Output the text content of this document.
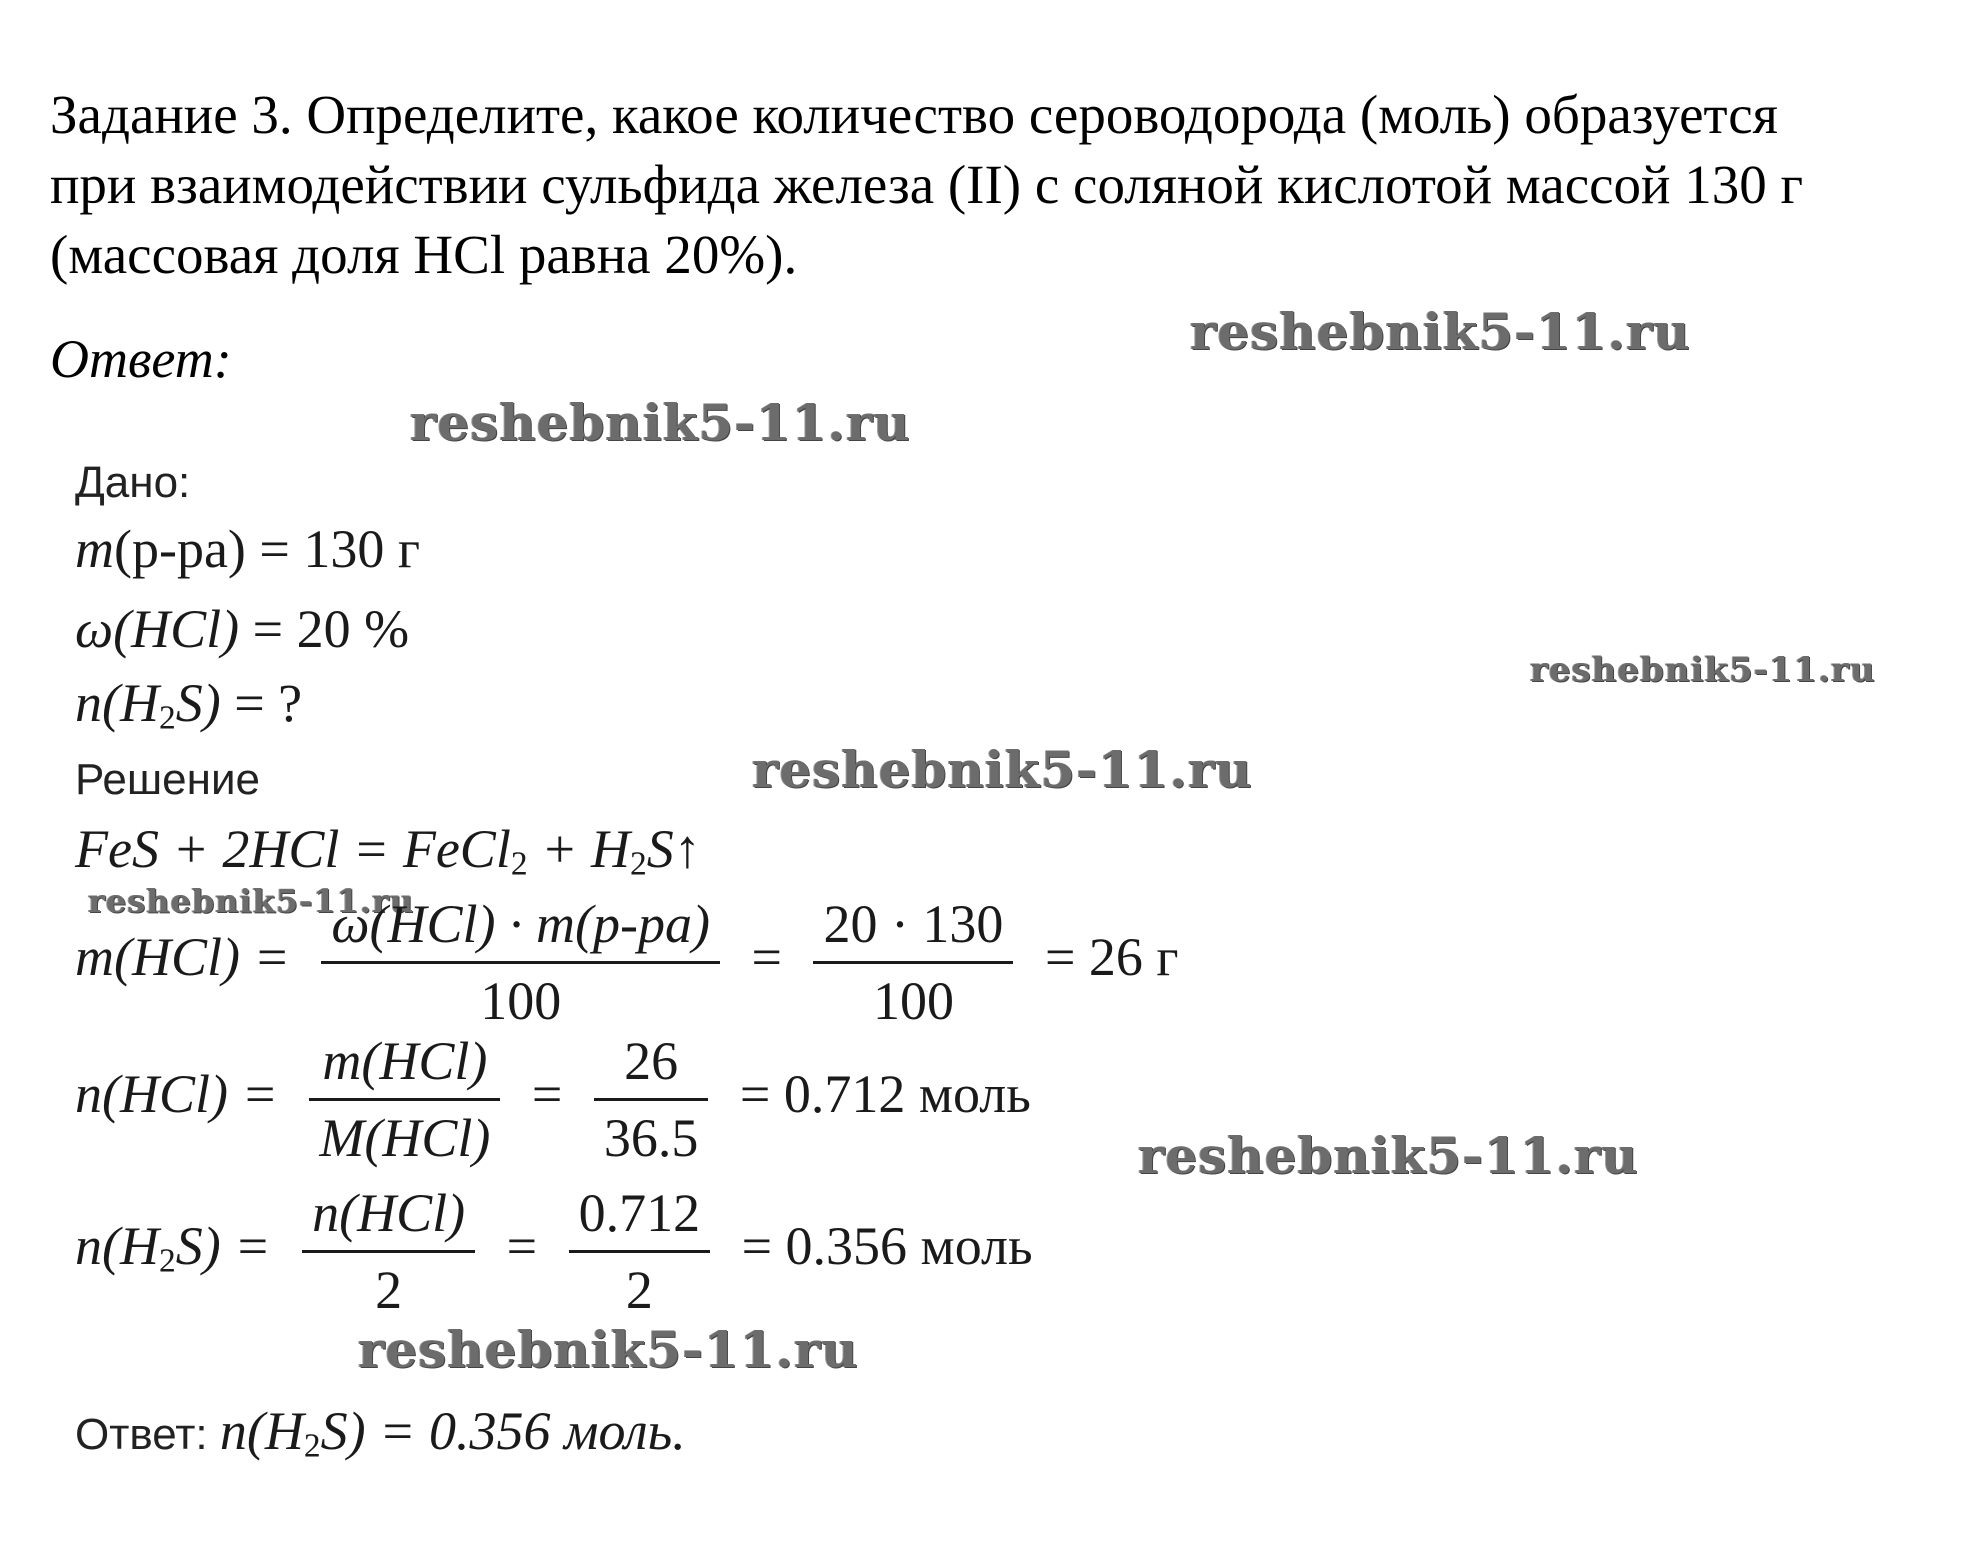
Задание 3. Определите, какое количество сероводорода (моль) образуется

при взаимодействии сульфида железа (II) с соляной кислотой массой 130 г

(массовая доля HCl равна 20%).

Ответ:	reshebnik5-11.ru
reshebnik5-11.ru
reshebnik5-11.ru
reshebnik5-11.ru
reshebnik5-11.ru
reshebnik5-11.ru
reshebnik5-11.ru
Дано:
m(р-ра) = 130 г
ω(HCl) = 20 %
$n(H_2S)$ = ?
Решение
FeS + 2HCl = FeCl$_2$ + $H_2S↑$
$m(HCl) = \frac{\text{ω(HCl) · m(р-ра)}}{100} = \frac{20 \cdot 130}{100} = 26$ г
$n(HCl) = \frac{\text{m(HCl)}}{\text{M(HCl)}} = \frac{26}{36.5} = 0.712$ моль
$n(H_2S) = \frac{\text{n(HCl)}}{2} = \frac{0.712}{2} = 0.356$ моль
Ответ: $n(H_2S) = 0.356$ моль.
